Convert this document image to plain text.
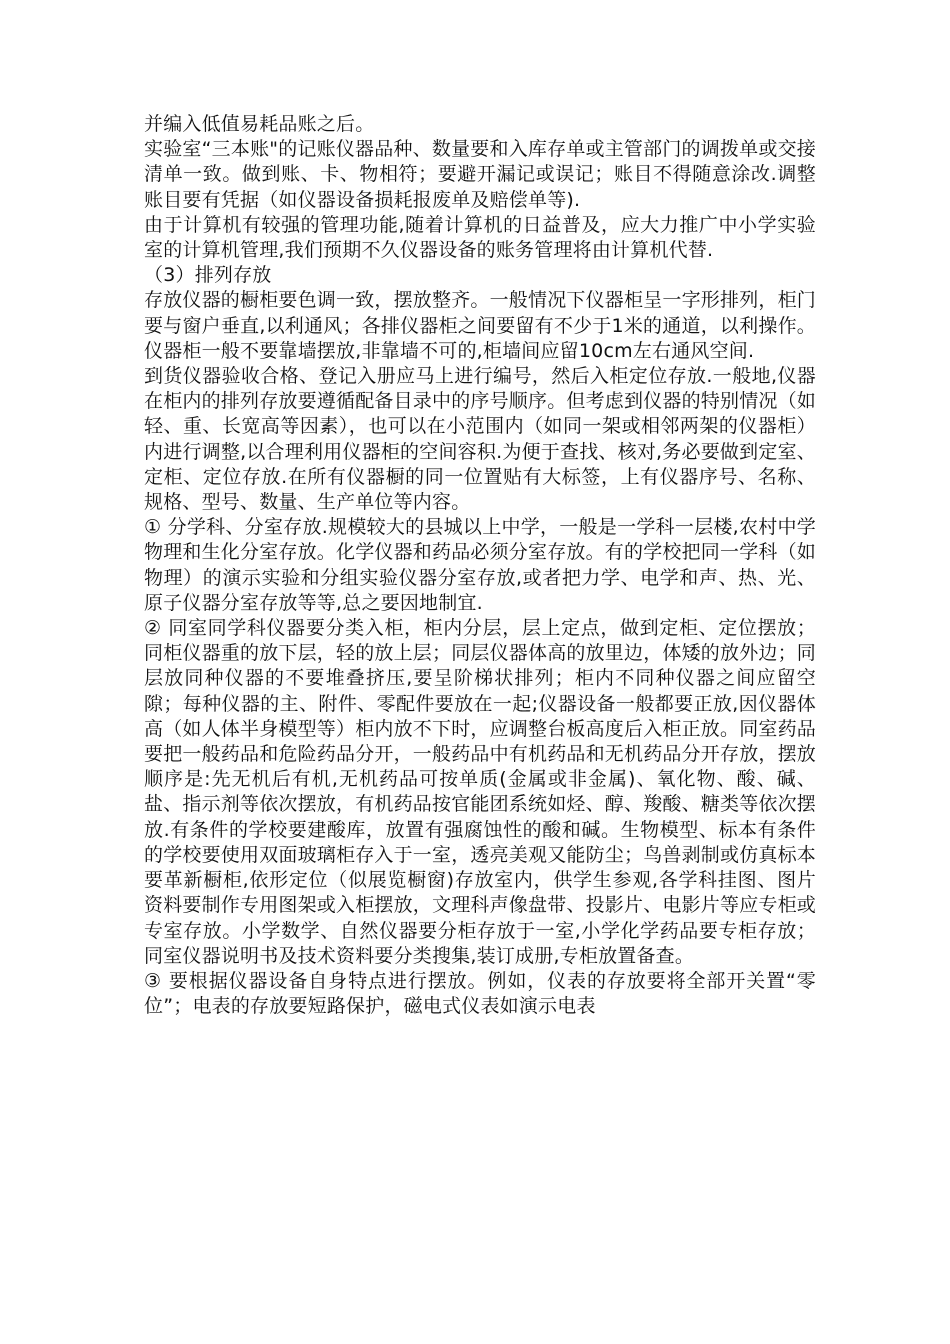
并编入低值易耗品账之后。

实验室“三本账"的记账仪器品种、数量要和入库存单或主管部门的调拨单或交接清单一致。做到账、卡、物相符；要避开漏记或误记；账目不得随意涂改.调整账目要有凭据（如仪器设备损耗报废单及赔偿单等).

由于计算机有较强的管理功能,随着计算机的日益普及，应大力推广中小学实验室的计算机管理,我们预期不久仪器设备的账务管理将由计算机代替.

（3）排列存放

存放仪器的橱柜要色调一致，摆放整齐。一般情况下仪器柜呈一字形排列，柜门要与窗户垂直,以利通风；各排仪器柜之间要留有不少于1米的通道，以利操作。仪器柜一般不要靠墙摆放,非靠墙不可的,柜墙间应留10cm左右通风空间.

到货仪器验收合格、登记入册应马上进行编号，然后入柜定位存放.一般地,仪器在柜内的排列存放要遵循配备目录中的序号顺序。但考虑到仪器的特别情况（如轻、重、长宽高等因素），也可以在小范围内（如同一架或相邻两架的仪器柜）内进行调整,以合理利用仪器柜的空间容积.为便于查找、核对,务必要做到定室、定柜、定位存放.在所有仪器橱的同一位置贴有大标签，上有仪器序号、名称、规格、型号、数量、生产单位等内容。

① 分学科、分室存放.规模较大的县城以上中学，一般是一学科一层楼,农村中学物理和生化分室存放。化学仪器和药品必须分室存放。有的学校把同一学科（如物理）的演示实验和分组实验仪器分室存放,或者把力学、电学和声、热、光、原子仪器分室存放等等,总之要因地制宜.

② 同室同学科仪器要分类入柜，柜内分层，层上定点，做到定柜、定位摆放；同柜仪器重的放下层，轻的放上层；同层仪器体高的放里边，体矮的放外边；同层放同种仪器的不要堆叠挤压,要呈阶梯状排列；柜内不同种仪器之间应留空隙；每种仪器的主、附件、零配件要放在一起;仪器设备一般都要正放,因仪器体高（如人体半身模型等）柜内放不下时，应调整台板高度后入柜正放。同室药品要把一般药品和危险药品分开，一般药品中有机药品和无机药品分开存放，摆放顺序是:先无机后有机,无机药品可按单质(金属或非金属)、氧化物、酸、碱、盐、指示剂等依次摆放，有机药品按官能团系统如烃、醇、羧酸、糖类等依次摆放.有条件的学校要建酸库，放置有强腐蚀性的酸和碱。生物模型、标本有条件的学校要使用双面玻璃柜存入于一室，透亮美观又能防尘；鸟兽剥制或仿真标本要革新橱柜,依形定位（似展览橱窗)存放室内，供学生参观,各学科挂图、图片资料要制作专用图架或入柜摆放，文理科声像盘带、投影片、电影片等应专柜或专室存放。小学数学、自然仪器要分柜存放于一室,小学化学药品要专柜存放；同室仪器说明书及技术资料要分类搜集,装订成册,专柜放置备查。

③ 要根据仪器设备自身特点进行摆放。例如，仪表的存放要将全部开关置“零位”；电表的存放要短路保护，磁电式仪表如演示电表
